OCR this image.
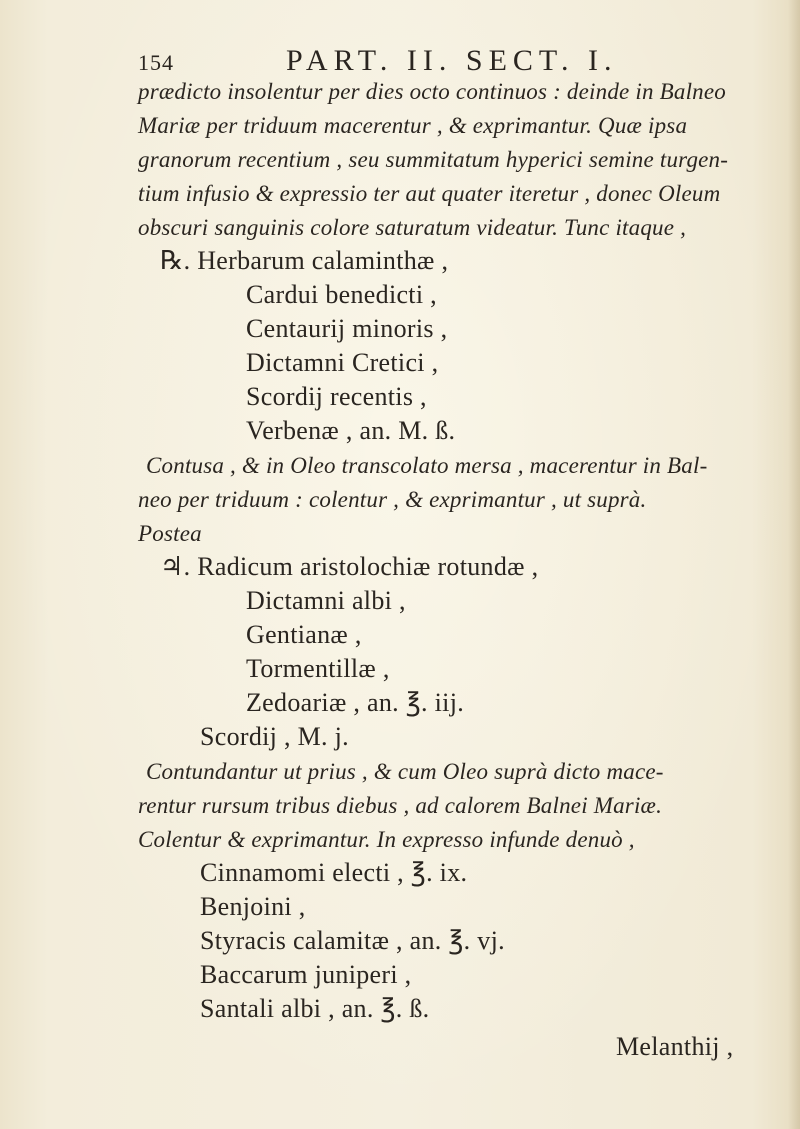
154	PART. II. SECT. I.
prædicto insolentur per dies octo continuos : deinde in Balneo
Mariæ per triduum macerentur , & exprimantur. Quæ ipsa
granorum recentium , seu summitatum hyperici semine turgen-
tium infusio & expressio ter aut quater iteretur , donec Oleum
obscuri sanguinis colore saturatum videatur. Tunc itaque ,
℞. Herbarum calaminthæ ,
Cardui benedicti ,
Centaurij minoris ,
Dictamni Cretici ,
Scordij recentis ,
Verbenæ , an. M. ß.
Contusa , & in Oleo transcolato mersa , macerentur in Bal-
neo per triduum : colentur , & exprimantur , ut suprà.
Postea
♃. Radicum aristolochiæ rotundæ ,
Dictamni albi ,
Gentianæ ,
Tormentillæ ,
Zedoariæ , an. ℥. iij.
Scordij , M. j.
Contundantur ut prius , & cum Oleo suprà dicto mace-
rentur rursum tribus diebus , ad calorem Balnei Mariæ.
Colentur & exprimantur. In expresso infunde denuò ,
Cinnamomi electi , ℥. ix.
Benjoini ,
Styracis calamitæ , an. ℥. vj.
Baccarum juniperi ,
Santali albi , an. ℥. ß.
Melanthij ,
